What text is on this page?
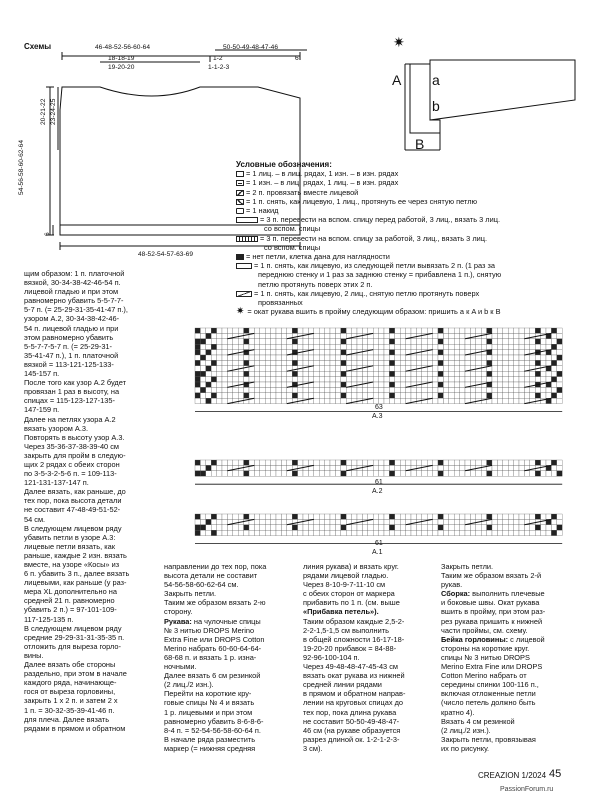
Схемы	46-48-52-56-60-64
18-18-19
19-20-20
50-50-49-48-47-46
1-2
1-1-2-3
6
54-56-58-60-62-64
20-21-22 23-24-25
6
48-52-54-57-63-69
✷
A a
b
B
Условные обозначения:
= 1 лиц. – в лиц. рядах, 1 изн. – в изн. рядах
= 1 изн. – в лиц. рядах, 1 лиц. – в изн. рядах
= 2 п. провязать вместе лицевой
= 1 п. снять, как лицевую, 1 лиц., протянуть ее через снятую петлю
= 1 накид
= 3 п. перевести на вспом. спицу перед работой, 3 лиц., вязать 3 лиц.
со вспом. спицы
= 3 п. перевести на вспом. спицу за работой, 3 лиц., вязать 3 лиц.
со вспом. спицы
= нет петли, клетка дана для наглядности
= 1 п. снять, как лицевую, из следующей петли вывязать 2 п. (1 раз за
переднюю стенку и 1 раз за заднюю стенку = прибавлена 1 п.), снятую
петлю протянуть поверх этих 2 п.
= 1 п. снять, как лицевую, 2 лиц., снятую петлю протянуть поверх
провязанных
✷ = окат рукава вшить в пройму следующим образом: пришить a к A и b к B
63
A.3
61
A.2
61
A.1
щим образом: 1 п. платочной
вязкой, 30-34-38-42-46-54 п.
лицевой гладью и при этом
равномерно убавить 5-5-7-7-
5-7 п. (= 25-29-31-35-41-47 п.),
узором A.2, 30-34-38-42-46-
54 п. лицевой гладью и при
этом равномерно убавить
5-5-7-7-5-7 п. (= 25-29-31-
35-41-47 п.), 1 п. платочной
вязкой = 113-121-125-133-
145-157 п.
После того как узор A.2 будет
провязан 1 раз в высоту, на
спицах = 115-123-127-135-
147-159 п.
Далее на петлях узора A.2
вязать узором A.3.
Повторять в высоту узор A.3.
Через 35-36-37-38-39-40 см
закрыть для пройм в следую-
щих 2 рядах с обеих сторон
по 3-5-3-2-5-6 п. = 109-113-
121-131-137-147 п.
Далее вязать, как раньше, до
тех пор, пока высота детали
не составит 47-48-49-51-52-
54 см.
В следующем лицевом ряду
убавить петли в узоре A.3:
лицевые петли вязать, как
раньше, каждые 2 изн. вязать
вместе, на узоре «Косы» из
6 п. убавить 3 п., далее вязать
лицевыми, как раньше (у раз-
мера XL дополнительно на
средней 21 п. равномерно
убавить 2 п.) = 97-101-109-
117-125-135 п.
В следующем лицевом ряду
средние 29-29-31-31-35-35 п.
отложить для выреза горло-
вины.
Далее вязать обе стороны
раздельно, при этом в начале
каждого ряда, начинающе-
гося от выреза горловины,
закрыть 1 х 2 п. и затем 2 х
1 п. = 30-32-35-39-41-46 п.
для плеча. Далее вязать
рядами в прямом и обратном
направлении до тех пор, пока
высота детали не составит
54-56-58-60-62-64 см.
Закрыть петли.
Таким же образом вязать 2-ю
сторону.
Рукава: на чулочные спицы
№ 3 нитью DROPS Merino
Extra Fine или DROPS Cotton
Merino набрать 60-60-64-64-
68-68 п. и вязать 1 р. изна-
ночными.
Далее вязать 6 см резинкой
(2 лиц./2 изн.).
Перейти на короткие кру-
говые спицы № 4 и вязать
1 р. лицевыми и при этом
равномерно убавить 8-6-8-6-
8-4 п. = 52-54-56-58-60-64 п.
В начале ряда разместить
маркер (= нижняя средняя
линия рукава) и вязать круг.
рядами лицевой гладью.
Через 8-10-9-7-11-10 см
с обеих сторон от маркера
прибавить по 1 п. (см. выше
«Прибавка петель»).
Таким образом каждые 2,5-2-
2-2-1,5-1,5 см выполнить
в общей сложности 16-17-18-
19-20-20 прибавок = 84-88-
92-96-100-104 п.
Через 49-48-48-47-45-43 см
вязать окат рукава из нижней
средней линии рядами
в прямом и обратном направ-
лении на круговых спицах до
тех пор, пока длина рукава
не составит 50-50-49-48-47-
46 см (на рукаве образуется
разрез длиной ок. 1-2-1-2-3-
3 см).
Закрыть петли.
Таким же образом вязать 2-й
рукав.
Сборка: выполнить плечевые
и боковые швы. Окат рукава
вшить в пройму, при этом раз-
рез рукава пришить к нижней
части проймы, см. схему.
Бейка горловины: с лицевой
стороны на короткие круг.
спицы № 3 нитью DROPS
Merino Extra Fine или DROPS
Cotton Merino набрать от
середины спинки 100-116 п.,
включая отложенные петли
(число петель должно быть
кратно 4).
Вязать 4 см резинкой
(2 лиц./2 изн.).
Закрыть петли, провязывая
их по рисунку.
CREAZION 1/2024 45
PassionForum.ru
